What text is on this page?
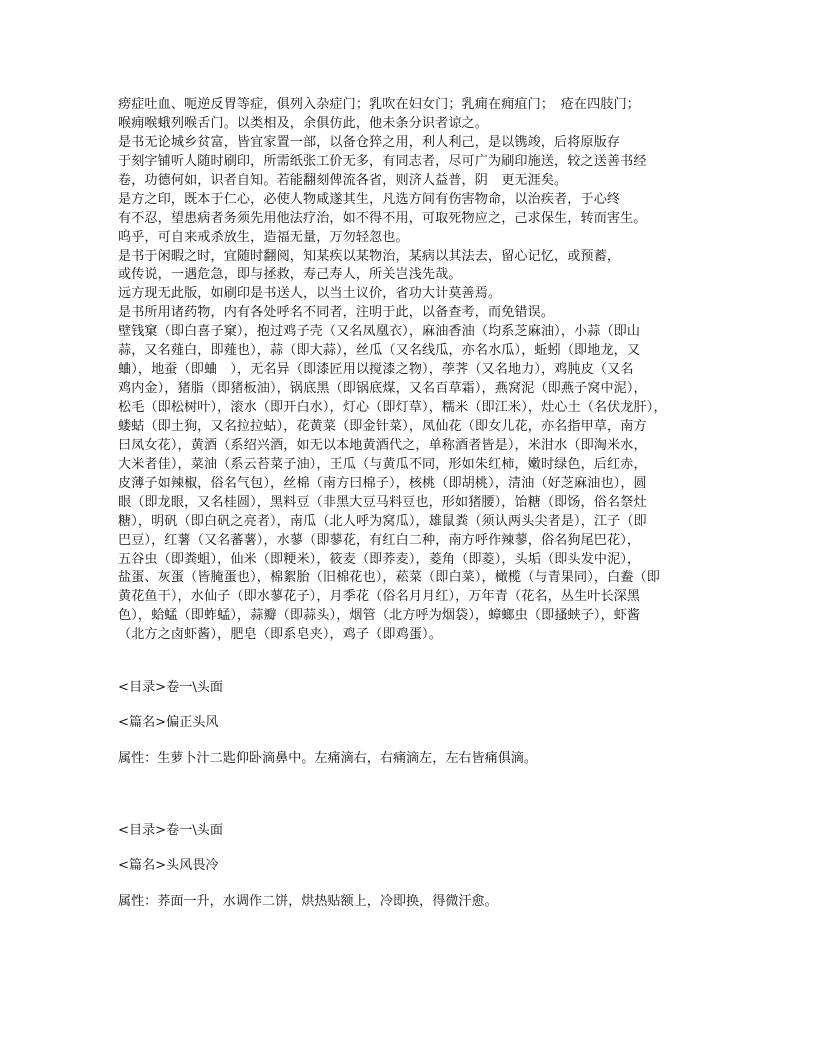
痨症吐血、呃逆反胃等症，俱列入杂症门；乳吹在妇女门；乳痈在痈疽门；　疮在四肢门；
喉痈喉蛾列喉舌门。以类相及，余俱仿此，他未条分识者谅之。
是书无论城乡贫富，皆宜家置一部，以备仓猝之用，利人利己，是以镌竣，后将原版存
于刻字铺听人随时刷印，所需纸张工价无多，有同志者，尽可广为刷印施送，较之送善书经
卷，功德何如，识者自知。若能翻刻俾流各省，则济人益普，阴　更无涯矣。
是方之印，既本于仁心，必使人物咸遂其生，凡选方间有伤害物命，以治疾者，于心终
有不忍，望患病者务须先用他法疗治，如不得不用，可取死物应之，己求保生，转而害生。
呜乎，可自来戒杀放生，造福无量，万勿轻忽也。
是书于闲暇之时，宜随时翻阅，知某疾以某物治，某病以其法去，留心记忆，或预蓄，
或传说，一遇危急，即与拯救，寿己寿人，所关岂浅先哉。
远方现无此版，如刷印是书送人，以当土议价，省功大计莫善焉。
是书所用诸药物，内有各处呼名不同者，注明于此，以备查考，而免错误。
壁钱窠（即白喜子窠），抱过鸡子壳（又名凤凰衣），麻油香油（均系芝麻油），小蒜（即山
蒜，又名薤白，即薤也），蒜（即大蒜），丝瓜（又名线瓜，亦名水瓜），蚯蚓（即地龙，又
蛐），地蚕（即蛐　），无名异（即漆匠用以搅漆之物），荸荠（又名地力），鸡肫皮（又名
鸡内金），猪脂（即猪板油），锅底黑（即锅底煤，又名百草霜），燕窝泥（即燕子窝中泥），
松毛（即松树叶），滚水（即开白水），灯心（即灯草），糯米（即江米），灶心土（名伏龙肝），
蝼蛄（即土狗，又名拉拉蛄），花黄菜（即金针菜），凤仙花（即女儿花，亦名指甲草，南方
曰凤女花），黄酒（系绍兴酒，如无以本地黄酒代之，单称酒者皆是），米泔水（即淘米水，
大米者佳），菜油（系云苔菜子油），王瓜（与黄瓜不同，形如朱红柿，嫩时绿色，后红赤，
皮薄子如辣椒，俗名气包），丝棉（南方曰棉子），核桃（即胡桃），清油（好芝麻油也），圆
眼（即龙眼，又名桂圆），黑料豆（非黑大豆马料豆也，形如猪腰），饴糖（即饧，俗名祭灶
糖），明矾（即白矾之亮者），南瓜（北人呼为窝瓜），雄鼠粪（须认两头尖者是），江子（即
巴豆），红薯（又名蕃薯），水蓼（即蓼花，有红白二种，南方呼作辣蓼，俗名狗尾巴花），
五谷虫（即粪蛆），仙米（即粳米），筱麦（即荞麦），菱角（即菱），头垢（即头发中泥），
盐蛋、灰蛋（皆腌蛋也），棉絮胎（旧棉花也），菘菜（即白菜），橄榄（与青果同），白鲞（即
黄花鱼干），水仙子（即水蓼花子），月季花（俗名月月红），万年青（花名，丛生叶长深黑
色），蛤蜢（即蚱蜢），蒜瓣（即蒜头），烟管（北方呼为烟袋），蟑螂虫（即搔蛱子），虾酱
（北方之卤虾酱），肥皂（即系皂夹），鸡子（即鸡蛋）。
<目录>卷一\头面
<篇名>偏正头风
属性：生萝卜汁二匙仰卧滴鼻中。左痛滴右，右痛滴左，左右皆痛俱滴。
<目录>卷一\头面
<篇名>头风畏冷
属性：荞面一升，水调作二饼，烘热贴额上，冷即换，得微汗愈。
